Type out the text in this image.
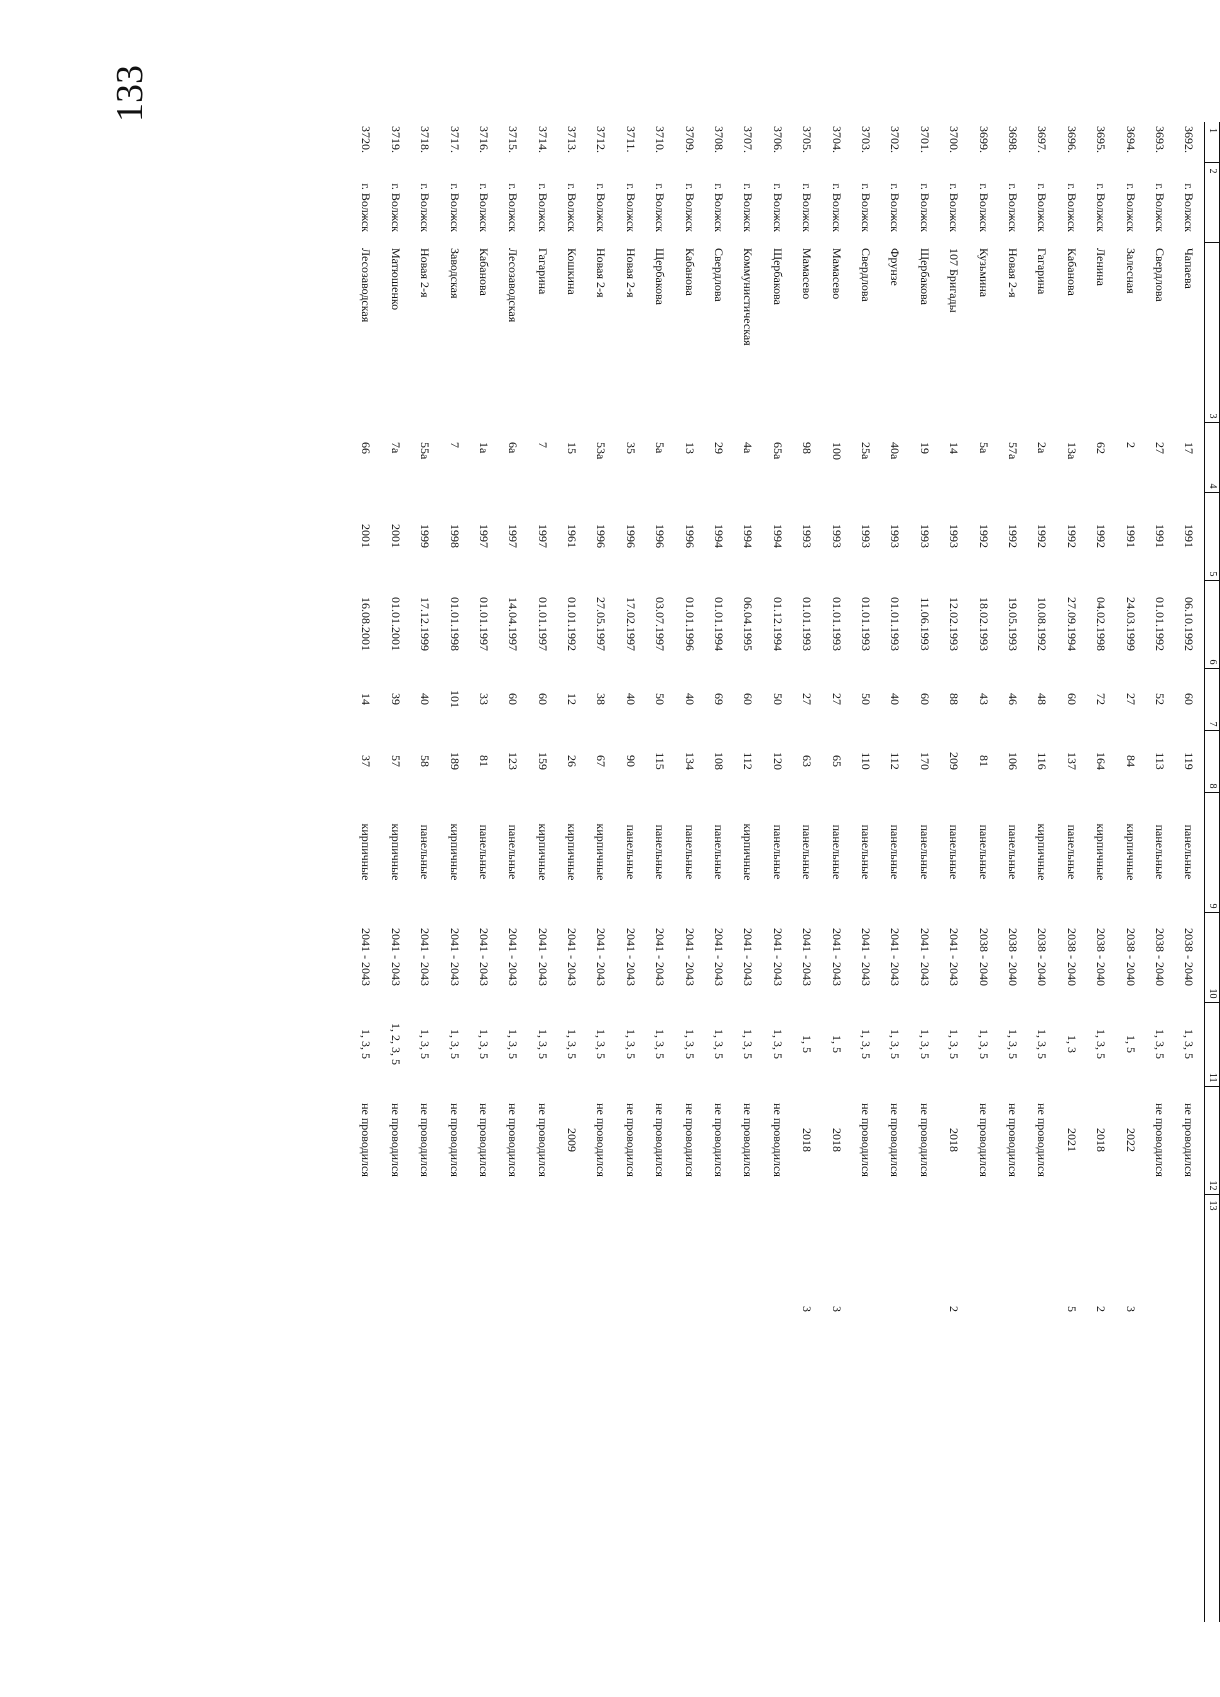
133
1	2	3	4	5	6	7	8	9	10	11	12	13
3692.	г. Волжск	Чапаева	17	1991	06.10.1992	60	119	панельные	2038 - 2040	1, 3, 5	не проводился	
3693.	г. Волжск	Свердлова	27	1991	01.01.1992	52	113	панельные	2038 - 2040	1, 3, 5	не проводился	
3694.	г. Волжск	Залесная	2	1991	24.03.1999	27	84	кирпичные	2038 - 2040	1, 5	2022	3
3695.	г. Волжск	Ленина	62	1992	04.02.1998	72	164	кирпичные	2038 - 2040	1, 3, 5	2018	2
3696.	г. Волжск	Кабанова	13а	1992	27.09.1994	60	137	панельные	2038 - 2040	1, 3	2021	5
3697.	г. Волжск	Гагарина	2а	1992	10.08.1992	48	116	кирпичные	2038 - 2040	1, 3, 5	не проводился	
3698.	г. Волжск	Новая 2-я	57а	1992	19.05.1993	46	106	панельные	2038 - 2040	1, 3, 5	не проводился	
3699.	г. Волжск	Кузьмина	5а	1992	18.02.1993	43	81	панельные	2038 - 2040	1, 3, 5	не проводился	
3700.	г. Волжск	107 Бригады	14	1993	12.02.1993	88	209	панельные	2041 - 2043	1, 3, 5	2018	2
3701.	г. Волжск	Щербакова	19	1993	11.06.1993	60	170	панельные	2041 - 2043	1, 3, 5	не проводился	
3702.	г. Волжск	Фрунзе	40а	1993	01.01.1993	40	112	панельные	2041 - 2043	1, 3, 5	не проводился	
3703.	г. Волжск	Свердлова	25а	1993	01.01.1993	50	110	панельные	2041 - 2043	1, 3, 5	не проводился	
3704.	г. Волжск	Мамасево	100	1993	01.01.1993	27	65	панельные	2041 - 2043	1, 5	2018	3
3705.	г. Волжск	Мамасево	98	1993	01.01.1993	27	63	панельные	2041 - 2043	1, 5	2018	3
3706.	г. Волжск	Щербакова	65а	1994	01.12.1994	50	120	панельные	2041 - 2043	1, 3, 5	не проводился	
3707.	г. Волжск	Коммунистическая	4а	1994	06.04.1995	60	112	кирпичные	2041 - 2043	1, 3, 5	не проводился	
3708.	г. Волжск	Свердлова	29	1994	01.01.1994	69	108	панельные	2041 - 2043	1, 3, 5	не проводился	
3709.	г. Волжск	Кабанова	13	1996	01.01.1996	40	134	панельные	2041 - 2043	1, 3, 5	не проводился	
3710.	г. Волжск	Щербакова	5а	1996	03.07.1997	50	115	панельные	2041 - 2043	1, 3, 5	не проводился	
3711.	г. Волжск	Новая 2-я	35	1996	17.02.1997	40	90	панельные	2041 - 2043	1, 3, 5	не проводился	
3712.	г. Волжск	Новая 2-я	53а	1996	27.05.1997	38	67	кирпичные	2041 - 2043	1, 3, 5	не проводился	
3713.	г. Волжск	Кошкина	15	1961	01.01.1992	12	26	кирпичные	2041 - 2043	1, 3, 5	2009	
3714.	г. Волжск	Гагарина	7	1997	01.01.1997	60	159	кирпичные	2041 - 2043	1, 3, 5	не проводился	
3715.	г. Волжск	Лесозаводская	6а	1997	14.04.1997	60	123	панельные	2041 - 2043	1, 3, 5	не проводился	
3716.	г. Волжск	Кабанова	1а	1997	01.01.1997	33	81	панельные	2041 - 2043	1, 3, 5	не проводился	
3717.	г. Волжск	Заводская	7	1998	01.01.1998	101	189	кирпичные	2041 - 2043	1, 3, 5	не проводился	
3718.	г. Волжск	Новая 2-я	55а	1999	17.12.1999	40	58	панельные	2041 - 2043	1, 3, 5	не проводился	
3719.	г. Волжск	Матюшенко	7а	2001	01.01.2001	39	57	кирпичные	2041 - 2043	1, 2, 3, 5	не проводился	
3720.	г. Волжск	Лесозаводская	66	2001	16.08.2001	14	37	кирпичные	2041 - 2043	1, 3, 5	не проводился	
